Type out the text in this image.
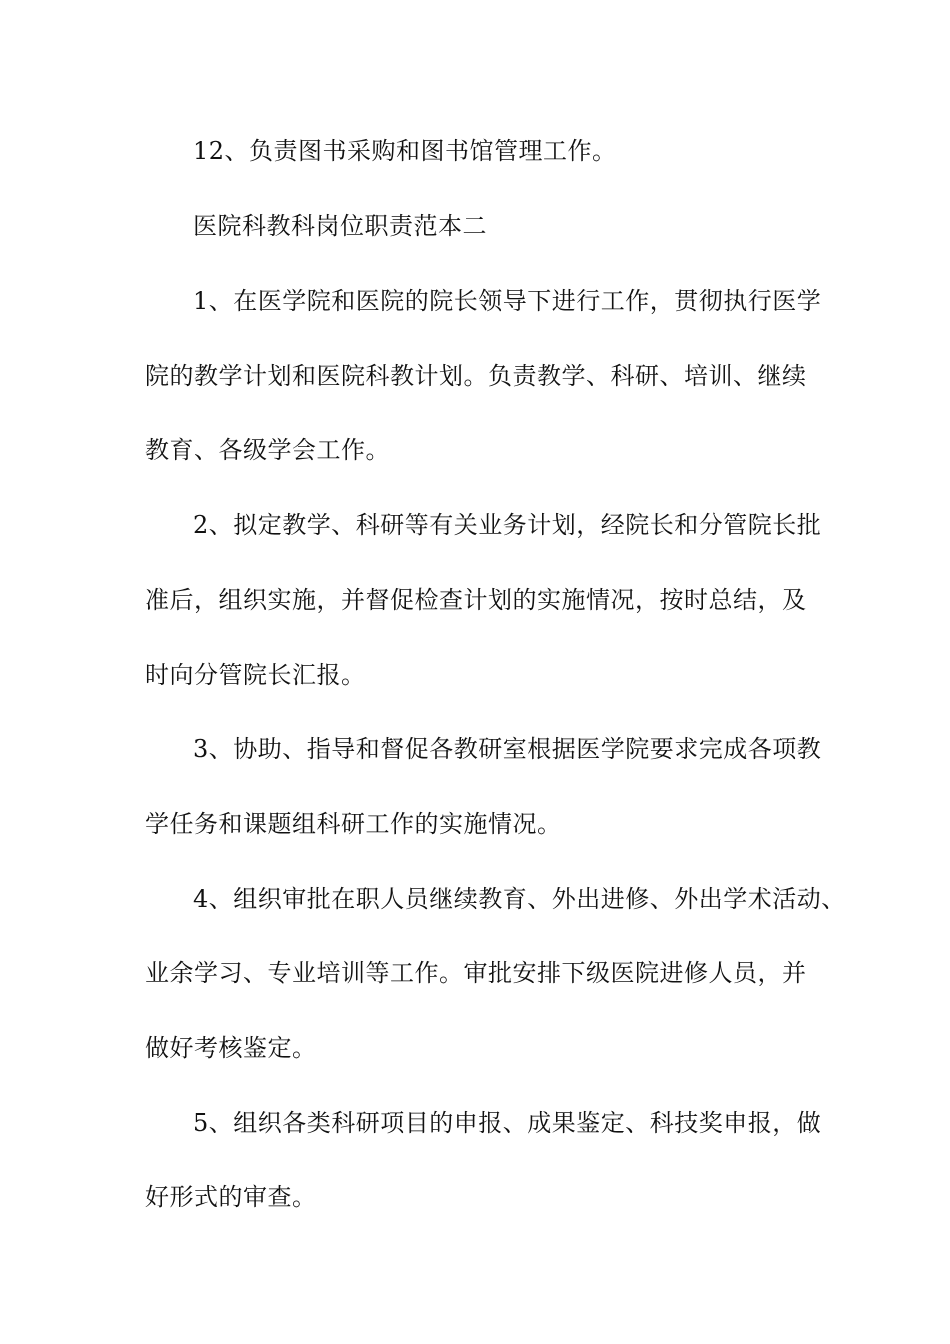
12、负责图书采购和图书馆管理工作。
医院科教科岗位职责范本二
1、在医学院和医院的院长领导下进行工作，贯彻执行医学
院的教学计划和医院科教计划。负责教学、科研、培训、继续
教育、各级学会工作。
2、拟定教学、科研等有关业务计划，经院长和分管院长批
准后，组织实施，并督促检查计划的实施情况，按时总结，及
时向分管院长汇报。
3、协助、指导和督促各教研室根据医学院要求完成各项教
学任务和课题组科研工作的实施情况。
4、组织审批在职人员继续教育、外出进修、外出学术活动、
业余学习、专业培训等工作。审批安排下级医院进修人员，并
做好考核鉴定。
5、组织各类科研项目的申报、成果鉴定、科技奖申报，做
好形式的审查。
